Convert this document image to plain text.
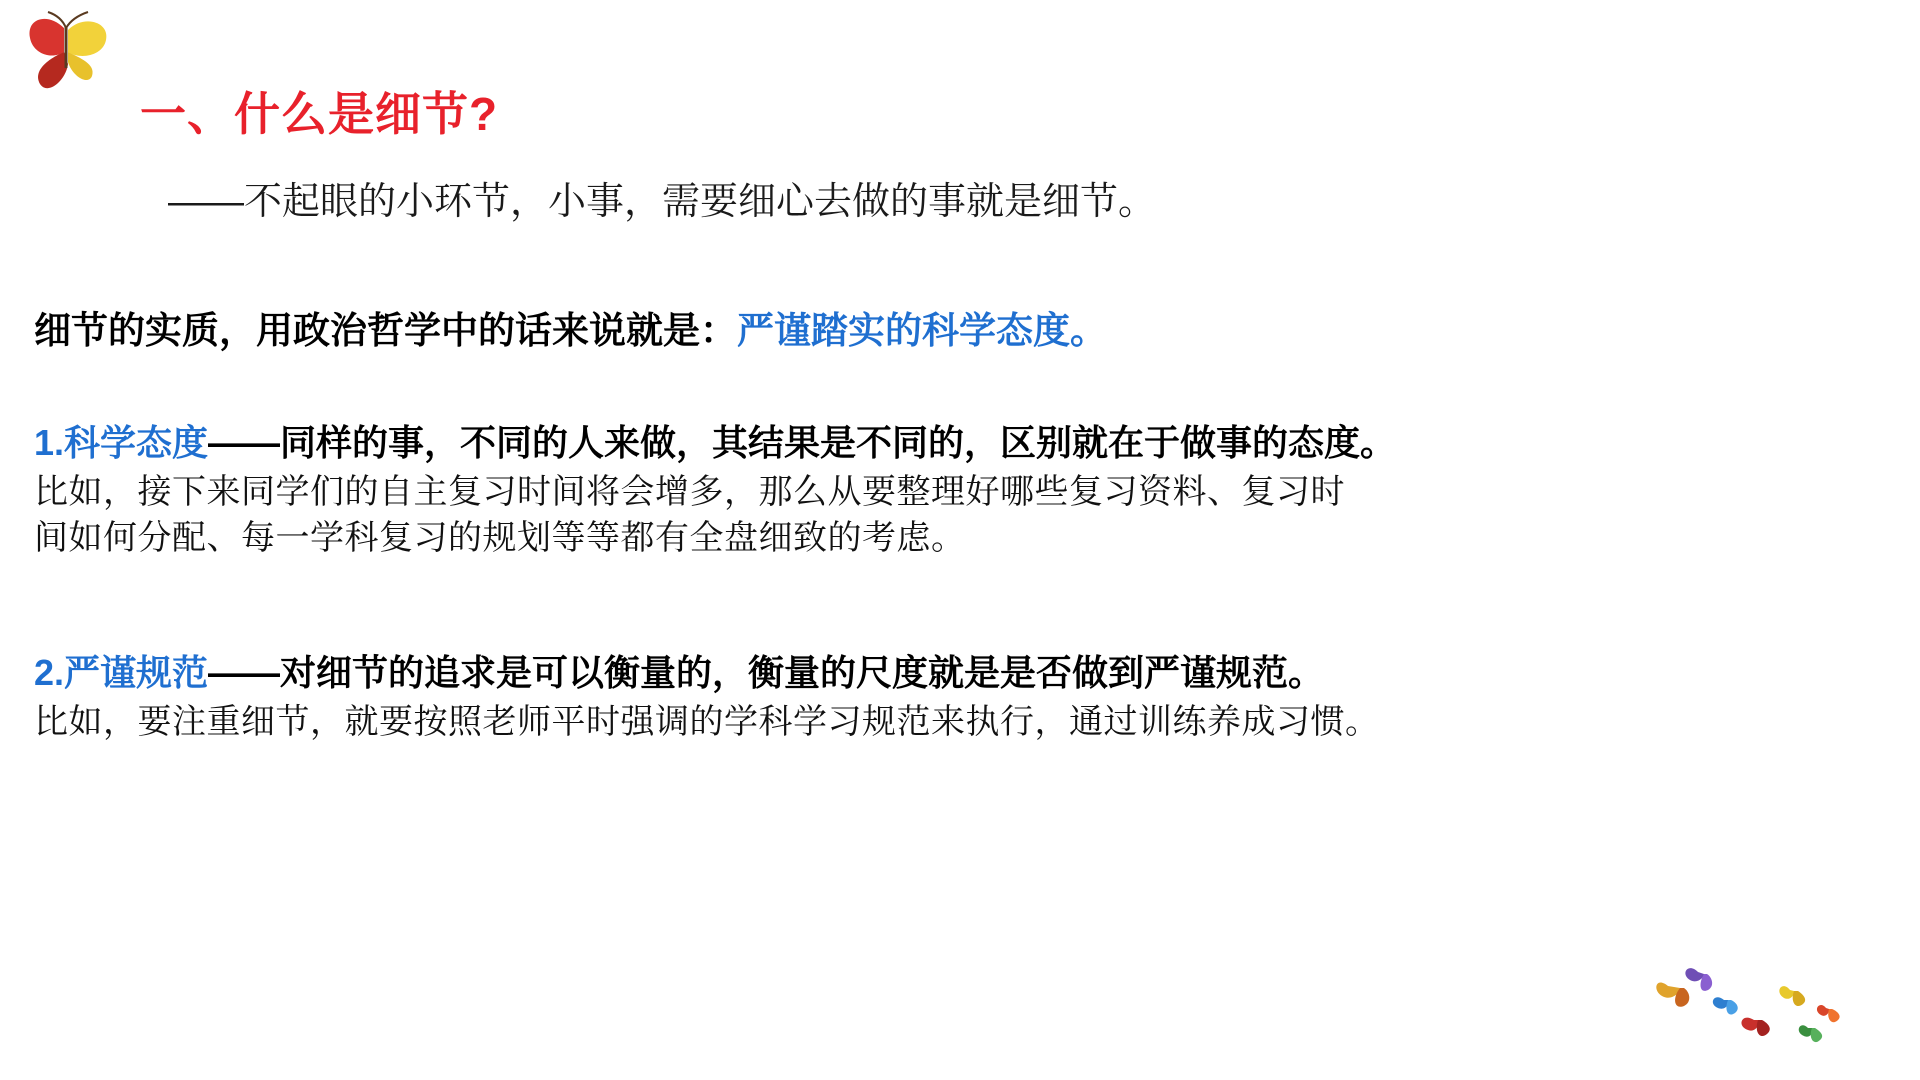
一、什么是细节?
——不起眼的小环节，小事，需要细心去做的事就是细节。
细节的实质，用政治哲学中的话来说就是：严谨踏实的科学态度。
1.科学态度——同样的事，不同的人来做，其结果是不同的，区别就在于做事的态度。
比如，接下来同学们的自主复习时间将会增多，那么从要整理好哪些复习资料、复习时
间如何分配、每一学科复习的规划等等都有全盘细致的考虑。
2.严谨规范——对细节的追求是可以衡量的，衡量的尺度就是是否做到严谨规范。
比如，要注重细节，就要按照老师平时强调的学科学习规范来执行，通过训练养成习惯。
